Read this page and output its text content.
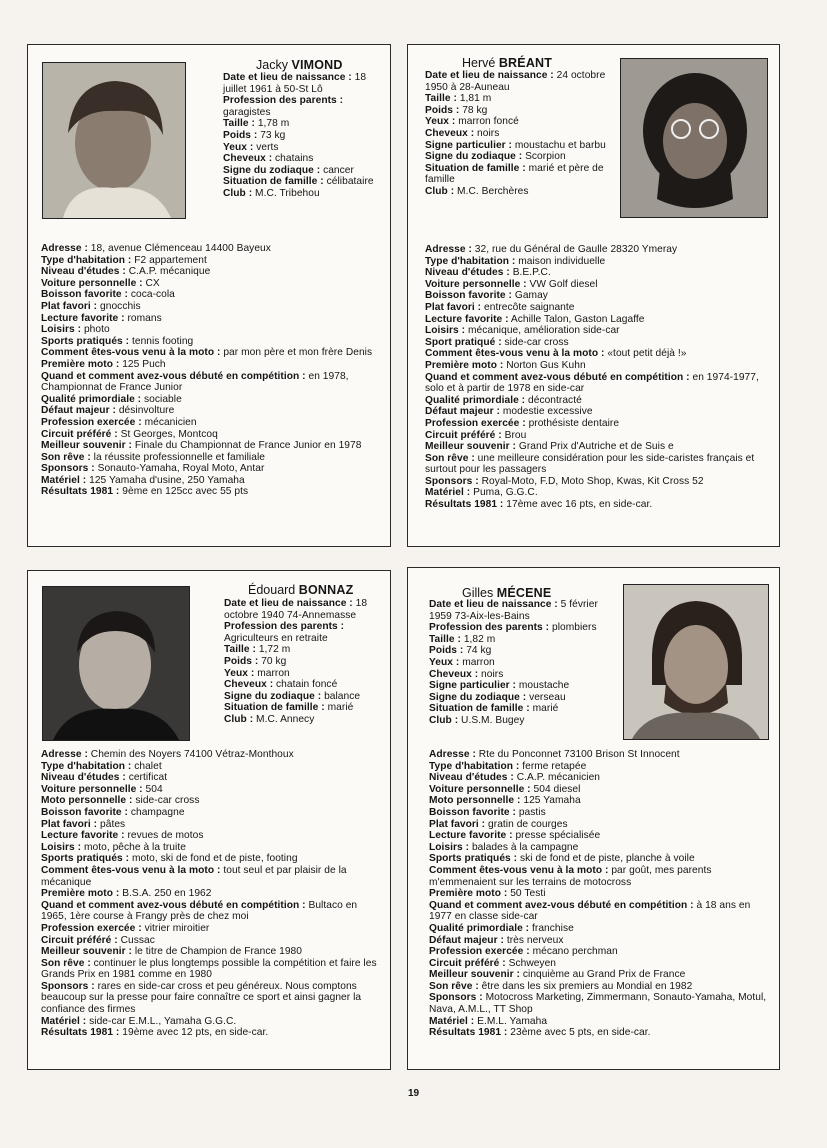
Jacky VIMOND

Date et lieu de naissance : 18 juillet 1961 à 50-St Lô

Profession des parents : garagistes

Taille : 1,78 m

Poids : 73 kg

Yeux : verts

Cheveux : chatains

Signe du zodiaque : cancer

Situation de famille : célibataire

Club : M.C. Tribehou

Adresse : 18, avenue Clémenceau 14400 Bayeux

Type d'habitation : F2 appartement

Niveau d'études : C.A.P. mécanique

Voiture personnelle : CX

Boisson favorite : coca-cola

Plat favori : gnocchis

Lecture favorite : romans

Loisirs : photo

Sports pratiqués : tennis footing

Comment êtes-vous venu à la moto : par mon père et mon frère Denis

Première moto : 125 Puch

Quand et comment avez-vous débuté en compétition : en 1978, Championnat de France Junior

Qualité primordiale : sociable

Défaut majeur : désinvolture

Profession exercée : mécanicien

Circuit préféré : St Georges, Montcoq

Meilleur souvenir : Finale du Championnat de France Junior en 1978

Son rêve : la réussite professionnelle et familiale

Sponsors : Sonauto-Yamaha, Royal Moto, Antar

Matériel : 125 Yamaha d'usine, 250 Yamaha

Résultats 1981 : 9ème en 125cc avec 55 pts

Hervé BRÉANT

Date et lieu de naissance : 24 octobre 1950 à 28-Auneau

Taille : 1,81 m

Poids : 78 kg

Yeux : marron foncé

Cheveux : noirs

Signe particulier : moustachu et barbu

Signe du zodiaque : Scorpion

Situation de famille : marié et père de famille

Club : M.C. Berchères

Adresse : 32, rue du Général de Gaulle 28320 Ymeray

Type d'habitation : maison individuelle

Niveau d'études : B.E.P.C.

Voiture personnelle : VW Golf diesel

Boisson favorite : Gamay

Plat favori : entrecôte saignante

Lecture favorite : Achille Talon, Gaston Lagaffe

Loisirs : mécanique, amélioration side-car

Sport pratiqué : side-car cross

Comment êtes-vous venu à la moto : «tout petit déjà !»

Première moto : Norton Gus Kuhn

Quand et comment avez-vous débuté en compétition : en 1974-1977, solo et à partir de 1978 en side-car

Qualité primordiale : décontracté

Défaut majeur : modestie excessive

Profession exercée : prothésiste dentaire

Circuit préféré : Brou

Meilleur souvenir : Grand Prix d'Autriche et de Suis e

Son rêve : une meilleure considération pour les side-caristes français et surtout pour les passagers

Sponsors : Royal-Moto, F.D, Moto Shop, Kwas, Kit Cross 52

Matériel : Puma, G.G.C.

Résultats 1981 : 17ème avec 16 pts, en side-car.

Édouard BONNAZ

Date et lieu de naissance : 18 octobre 1940 74-Annemasse

Profession des parents : Agriculteurs en retraite

Taille : 1,72 m

Poids : 70 kg

Yeux : marron

Cheveux : chatain foncé

Signe du zodiaque : balance

Situation de famille : marié

Club : M.C. Annecy

Adresse : Chemin des Noyers 74100 Vétraz-Monthoux

Type d'habitation : chalet

Niveau d'études : certificat

Voiture personnelle : 504

Moto personnelle : side-car cross

Boisson favorite : champagne

Plat favori : pâtes

Lecture favorite : revues de motos

Loisirs : moto, pêche à la truite

Sports pratiqués : moto, ski de fond et de piste, footing

Comment êtes-vous venu à la moto : tout seul et par plaisir de la mécanique

Première moto : B.S.A. 250 en 1962

Quand et comment avez-vous débuté en compétition : Bultaco en 1965, 1ère course à Frangy près de chez moi

Profession exercée : vitrier miroitier

Circuit préféré : Cussac

Meilleur souvenir : le titre de Champion de France 1980

Son rêve : continuer le plus longtemps possible la compétition et faire les Grands Prix en 1981 comme en 1980

Sponsors : rares en side-car cross et peu généreux. Nous comptons beaucoup sur la presse pour faire connaître ce sport et ainsi gagner la confiance des firmes

Matériel : side-car E.M.L., Yamaha G.G.C.

Résultats 1981 : 19ème avec 12 pts, en side-car.

Gilles MÉCENE

Date et lieu de naissance : 5 février 1959 73-Aix-les-Bains

Profession des parents : plombiers

Taille : 1,82 m

Poids : 74 kg

Yeux : marron

Cheveux : noirs

Signe particulier : moustache

Signe du zodiaque : verseau

Situation de famille : marié

Club : U.S.M. Bugey

Adresse : Rte du Ponconnet 73100 Brison St Innocent

Type d'habitation : ferme retapée

Niveau d'études : C.A.P. mécanicien

Voiture personnelle : 504 diesel

Moto personnelle : 125 Yamaha

Boisson favorite : pastis

Plat favori : gratin de courges

Lecture favorite : presse spécialisée

Loisirs : balades à la campagne

Sports pratiqués : ski de fond et de piste, planche à voile

Comment êtes-vous venu à la moto : par goût, mes parents m'emmenaient sur les terrains de motocross

Première moto : 50 Testi

Quand et comment avez-vous débuté en compétition : à 18 ans en 1977 en classe side-car

Qualité primordiale : franchise

Défaut majeur : très nerveux

Profession exercée : mécano perchman

Circuit préféré : Schweyen

Meilleur souvenir : cinquième au Grand Prix de France

Son rêve : être dans les six premiers au Mondial en 1982

Sponsors : Motocross Marketing, Zimmermann, Sonauto-Yamaha, Motul, Nava, A.M.L., TT Shop

Matériel : E.M.L. Yamaha

Résultats 1981 : 23ème avec 5 pts, en side-car.

19
